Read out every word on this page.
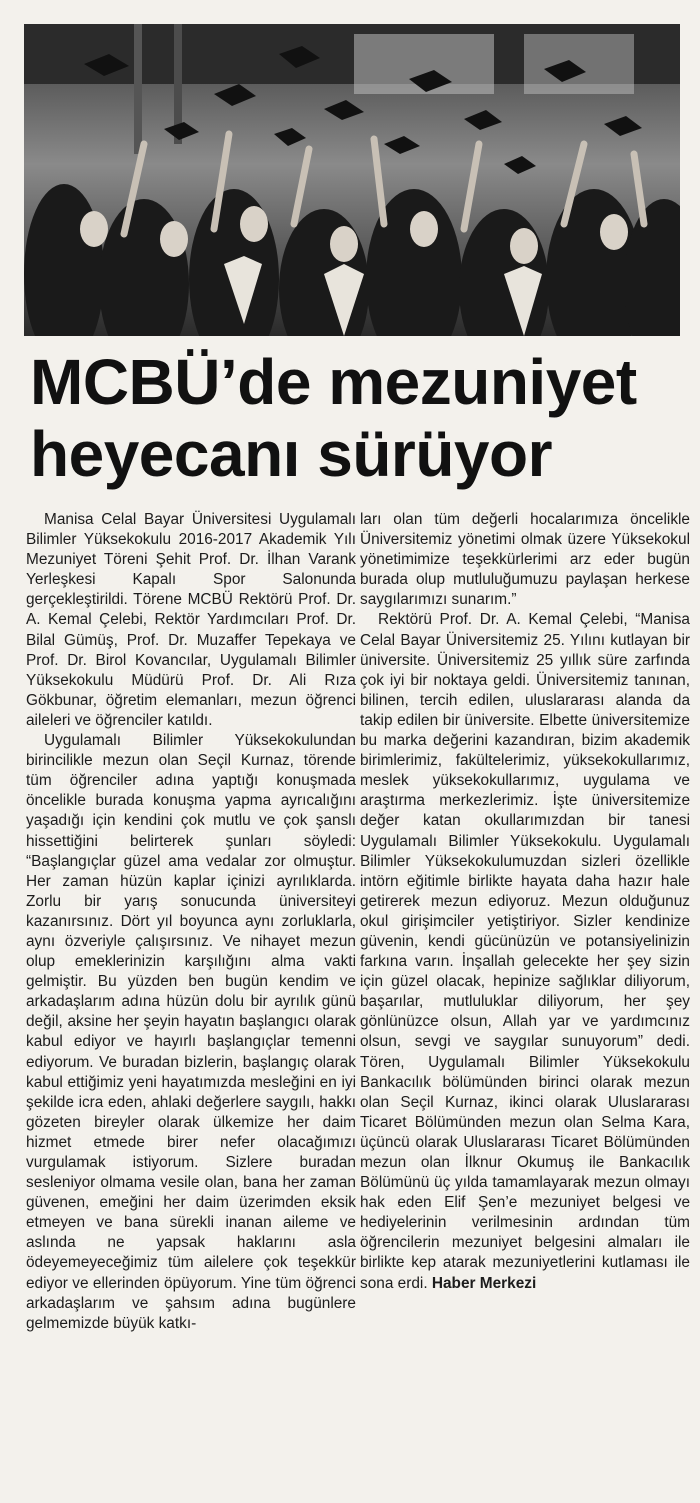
MCBÜ’de mezuniyet
heyecanı sürüyor

Manisa Celal Bayar Üniversitesi Uygulamalı Bilimler Yüksekokulu 2016-2017 Akademik Yılı Mezuniyet Töreni Şehit Prof. Dr. İlhan Varank Yerleşkesi Kapalı Spor Salonunda gerçekleştirildi. Törene MCBÜ Rektörü Prof. Dr. A. Kemal Çelebi, Rektör Yardımcıları Prof. Dr. Bilal Gümüş, Prof. Dr. Muzaffer Tepekaya ve Prof. Dr. Birol Kovancılar, Uygulamalı Bilimler Yüksekokulu Müdürü Prof. Dr. Ali Rıza Gökbunar, öğretim elemanları, mezun öğrenci aileleri ve öğrenciler katıldı.

Uygulamalı Bilimler Yüksekokulundan birincilikle mezun olan Seçil Kurnaz, törende tüm öğrenciler adına yaptığı konuşmada öncelikle burada konuşma yapma ayrıcalığını yaşadığı için kendini çok mutlu ve çok şanslı hissettiğini belirterek şunları söyledi: “Başlangıçlar güzel ama vedalar zor olmuştur. Her zaman hüzün kaplar içinizi ayrılıklarda. Zorlu bir yarış sonucunda üniversiteyi kazanırsınız. Dört yıl boyunca aynı zorluklarla, aynı özveriyle çalışırsınız. Ve nihayet mezun olup emeklerinizin karşılığını alma vakti gelmiştir. Bu yüzden ben bugün kendim ve arkadaşlarım adına hüzün dolu bir ayrılık günü değil, aksine her şeyin hayatın başlangıcı olarak kabul ediyor ve hayırlı başlangıçlar temenni ediyorum. Ve buradan bizlerin, başlangıç olarak kabul ettiğimiz yeni hayatımızda mesleğini en iyi şekilde icra eden, ahlaki değerlere saygılı, hakkı gözeten bireyler olarak ülkemize her daim hizmet etmede birer nefer olacağımızı vurgulamak istiyorum. Sizlere buradan sesleniyor olmama vesile olan, bana her zaman güvenen, emeğini her daim üzerimden eksik etmeyen ve bana sürekli inanan aileme ve aslında ne yapsak haklarını asla ödeyemeyeceğimiz tüm ailelere çok teşekkür ediyor ve ellerinden öpüyorum. Yine tüm öğrenci arkadaşlarım ve şahsım adına bugünlere gelmemizde büyük katkı-

ları olan tüm değerli hocalarımıza öncelikle Üniversitemiz yönetimi olmak üzere Yüksekokul yönetimimize teşekkürlerimi arz eder bugün burada olup mutluluğumuzu paylaşan herkese saygılarımızı sunarım.”

Rektörü Prof. Dr. A. Kemal Çelebi, “Manisa Celal Bayar Üniversitemiz 25. Yılını kutlayan bir üniversite. Üniversitemiz 25 yıllık süre zarfında çok iyi bir noktaya geldi. Üniversitemiz tanınan, bilinen, tercih edilen, uluslararası alanda da takip edilen bir üniversite. Elbette üniversitemize bu marka değerini kazandıran, bizim akademik birimlerimiz, fakültelerimiz, yüksekokullarımız, meslek yüksekokullarımız, uygulama ve araştırma merkezlerimiz. İşte üniversitemize değer katan okullarımızdan bir tanesi Uygulamalı Bilimler Yüksekokulu. Uygulamalı Bilimler Yüksekokulumuzdan sizleri özellikle intörn eğitimle birlikte hayata daha hazır hale getirerek mezun ediyoruz. Mezun olduğunuz okul girişimciler yetiştiriyor. Sizler kendinize güvenin, kendi gücünüzün ve potansiyelinizin farkına varın. İnşallah gelecekte her şey sizin için güzel olacak, hepinize sağlıklar diliyorum, başarılar, mutluluklar diliyorum, her şey gönlünüzce olsun, Allah yar ve yardımcınız olsun, sevgi ve saygılar sunuyorum” dedi. Tören, Uygulamalı Bilimler Yüksekokulu Bankacılık bölümünden birinci olarak mezun olan Seçil Kurnaz, ikinci olarak Uluslararası Ticaret Bölümünden mezun olan Selma Kara, üçüncü olarak Uluslararası Ticaret Bölümünden mezun olan İlknur Okumuş ile Bankacılık Bölümünü üç yılda tamamlayarak mezun olmayı hak eden Elif Şen’e mezuniyet belgesi ve hediyelerinin verilmesinin ardından tüm öğrencilerin mezuniyet belgesini almaları ile birlikte kep atarak mezuniyetlerini kutlaması ile sona erdi. Haber Merkezi
